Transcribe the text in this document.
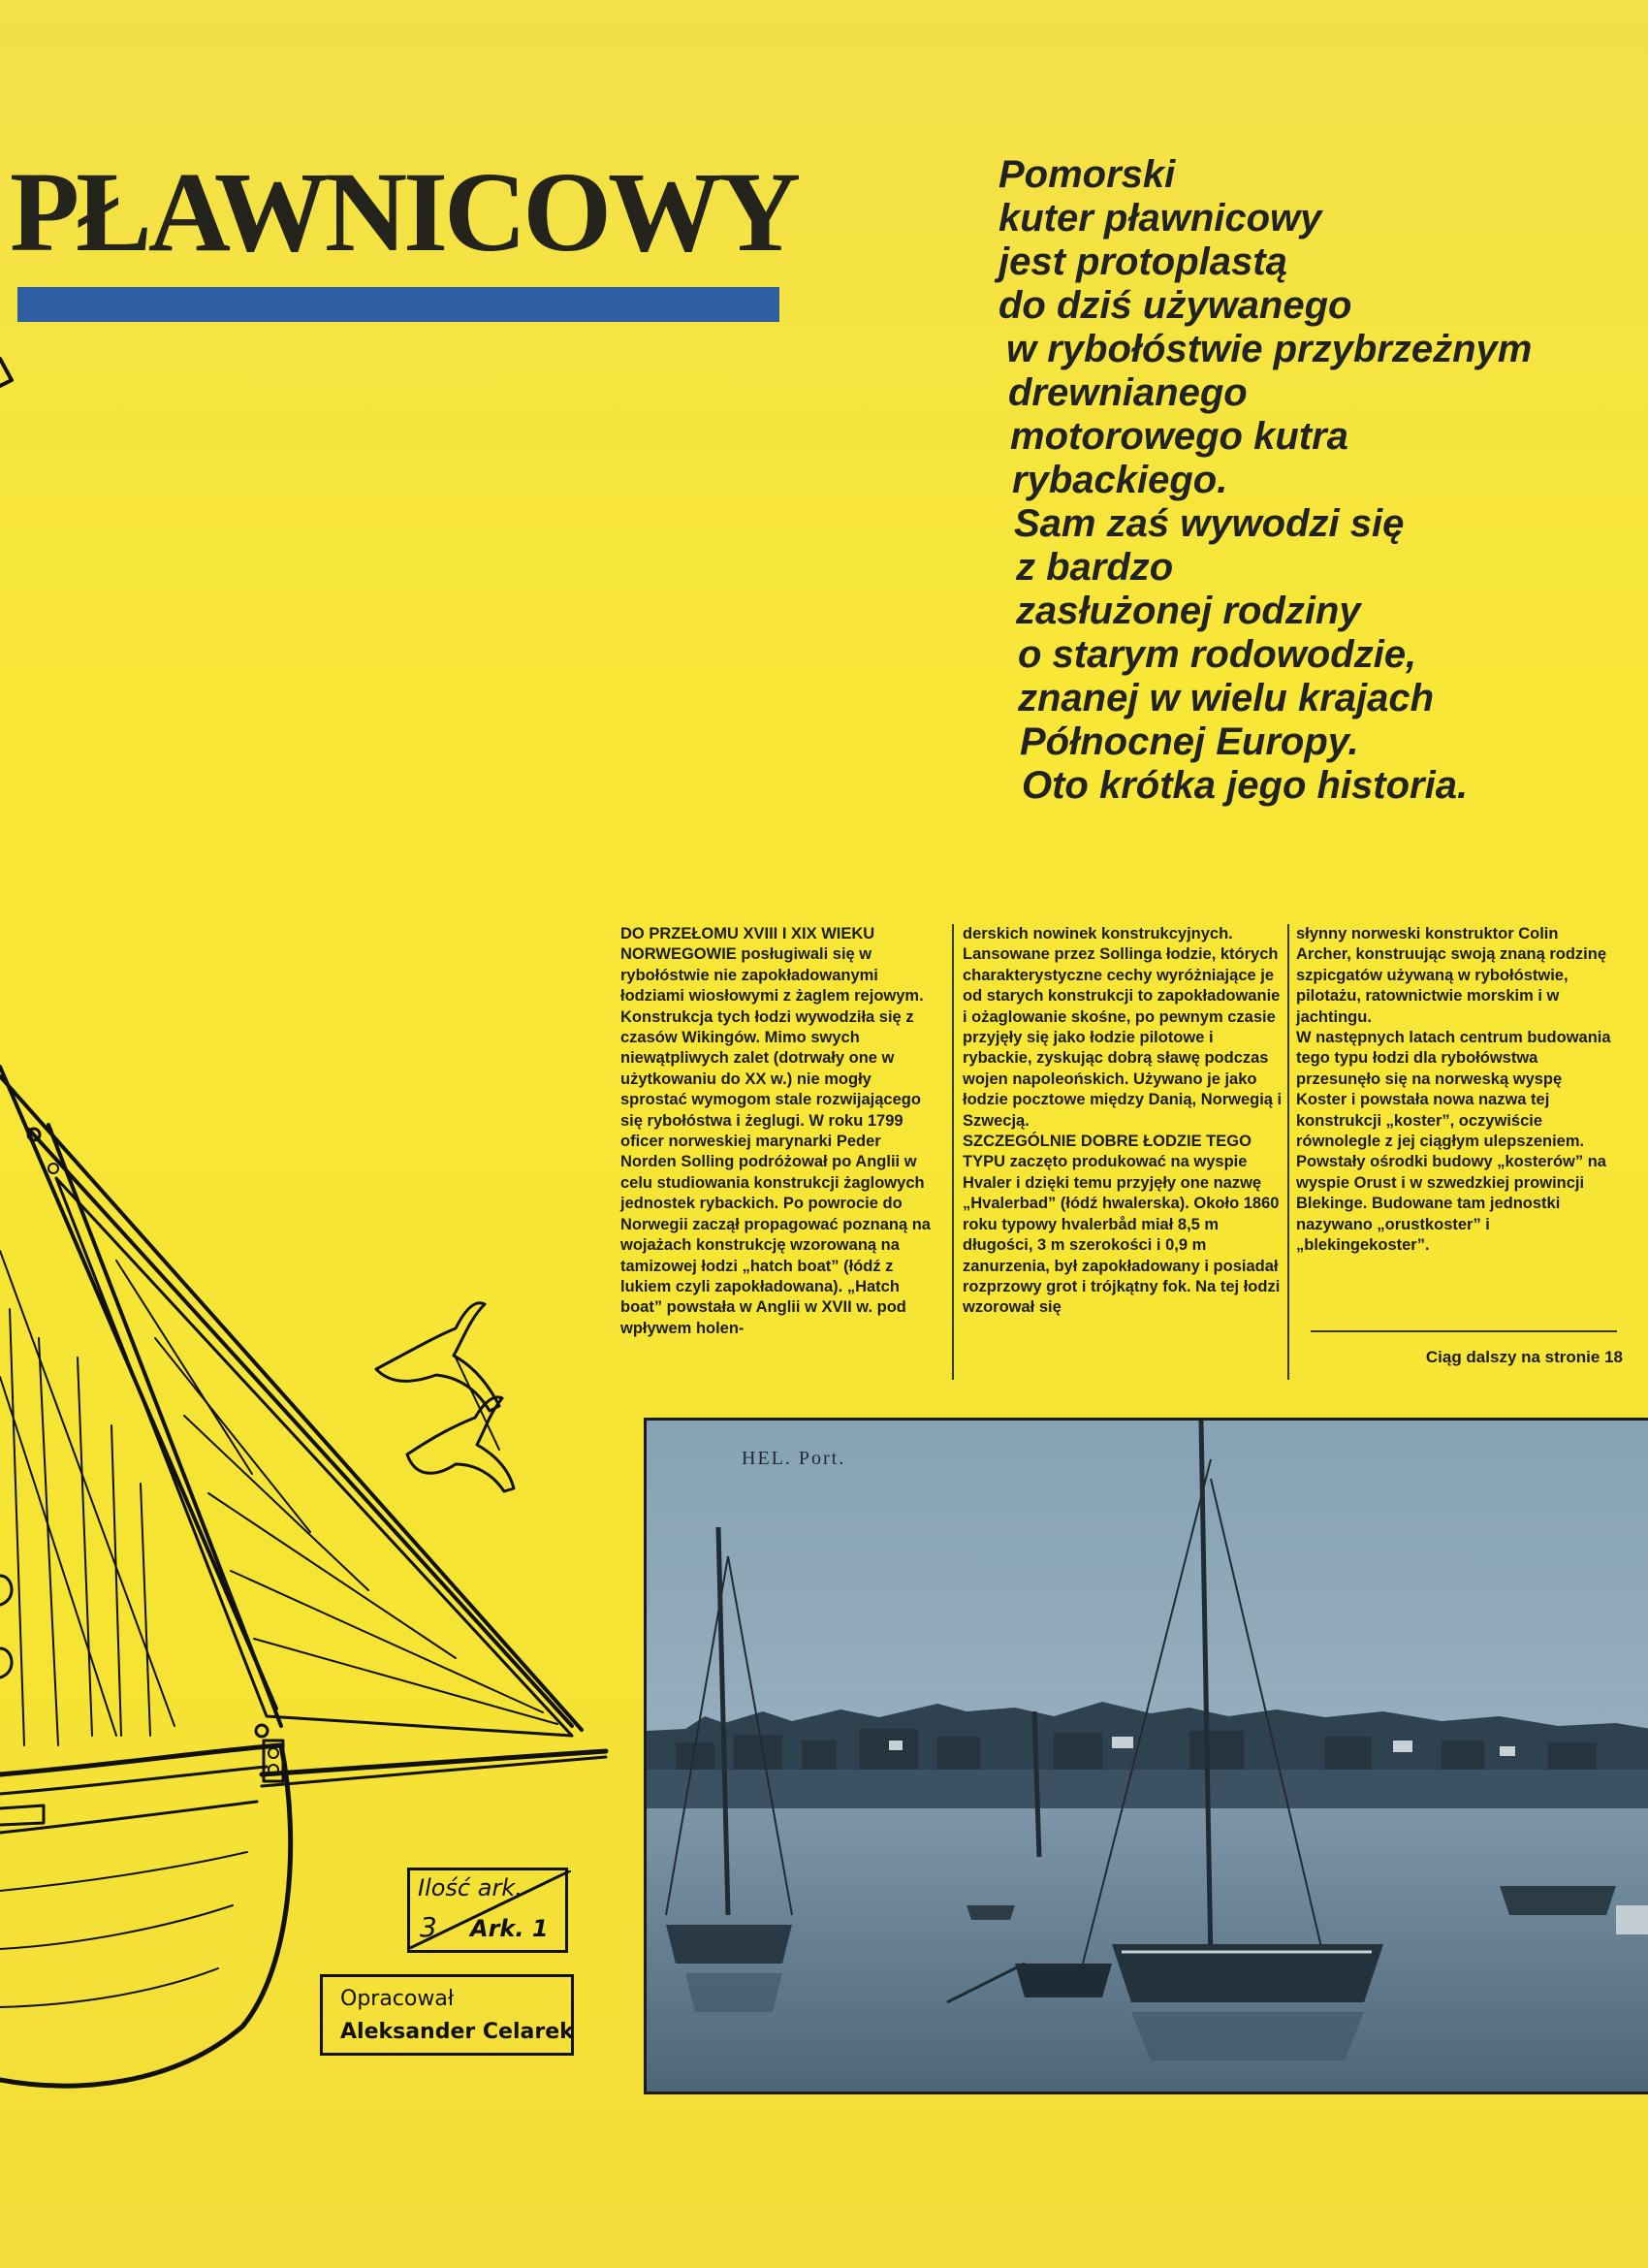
PŁAWNICOWY	Pomorski
kuter pławnicowy
jest protoplastą
do dziś używanego
w rybołóstwie przybrzeżnym
drewnianego
motorowego kutra
rybackiego.
Sam zaś wywodzi się
z bardzo
zasłużonej rodziny
o starym rodowodzie,
znanej w wielu krajach
Północnej Europy.
Oto krótka jego historia.

DO PRZEŁOMU XVIII I XIX WIEKU NORWEGOWIE posługiwali się w rybołóstwie nie zapokładowanymi łodziami wiosłowymi z żaglem rejowym. Konstrukcja tych łodzi wywodziła się z czasów Wikingów. Mimo swych niewątpliwych zalet (dotrwały one w użytkowaniu do XX w.) nie mogły sprostać wymogom stale rozwijającego się rybołóstwa i żeglugi. W roku 1799 oficer norweskiej marynarki Peder Norden Solling podróżował po Anglii w celu studiowania konstrukcji żaglowych jednostek rybackich. Po powrocie do Norwegii zaczął propagować poznaną na wojażach konstrukcję wzorowaną na tamizowej łodzi „hatch boat” (łódź z lukiem czyli zapokładowana). „Hatch boat” powstała w Anglii w XVII w. pod wpływem holen-

derskich nowinek konstrukcyjnych. Lansowane przez Sollinga łodzie, których charakterystyczne cechy wyróżniające je od starych konstrukcji to zapokładowanie i ożaglowanie skośne, po pewnym czasie przyjęły się jako łodzie pilotowe i rybackie, zyskując dobrą sławę podczas wojen napoleońskich. Używano je jako łodzie pocztowe między Danią, Norwegią i Szwecją.

SZCZEGÓLNIE DOBRE ŁODZIE TEGO TYPU zaczęto produkować na wyspie Hvaler i dzięki temu przyjęły one nazwę „Hvalerbad” (łódź hwalerska). Około 1860 roku typowy hvalerbåd miał 8,5 m długości, 3 m szerokości i 0,9 m zanurzenia, był zapokładowany i posiadał rozprzowy grot i trójkątny fok. Na tej łodzi wzorował się

słynny norweski konstruktor Colin Archer, konstruując swoją znaną rodzinę szpicgatów używaną w rybołóstwie, pilotażu, ratownictwie morskim i w jachtingu.

W następnych latach centrum budowania tego typu łodzi dla rybołówstwa przesunęło się na norweską wyspę Koster i powstała nowa nazwa tej konstrukcji „koster”, oczywiście równolegle z jej ciągłym ulepszeniem. Powstały ośrodki budowy „kosterów” na wyspie Orust i w szwedzkiej prowincji Blekinge. Budowane tam jednostki nazywano „orustkoster” i „blekingekoster”.

Ciąg dalszy na stronie 18
HEL. Port.
Ilość ark.
3 Ark. 1
Opracował
Aleksander Celarek
